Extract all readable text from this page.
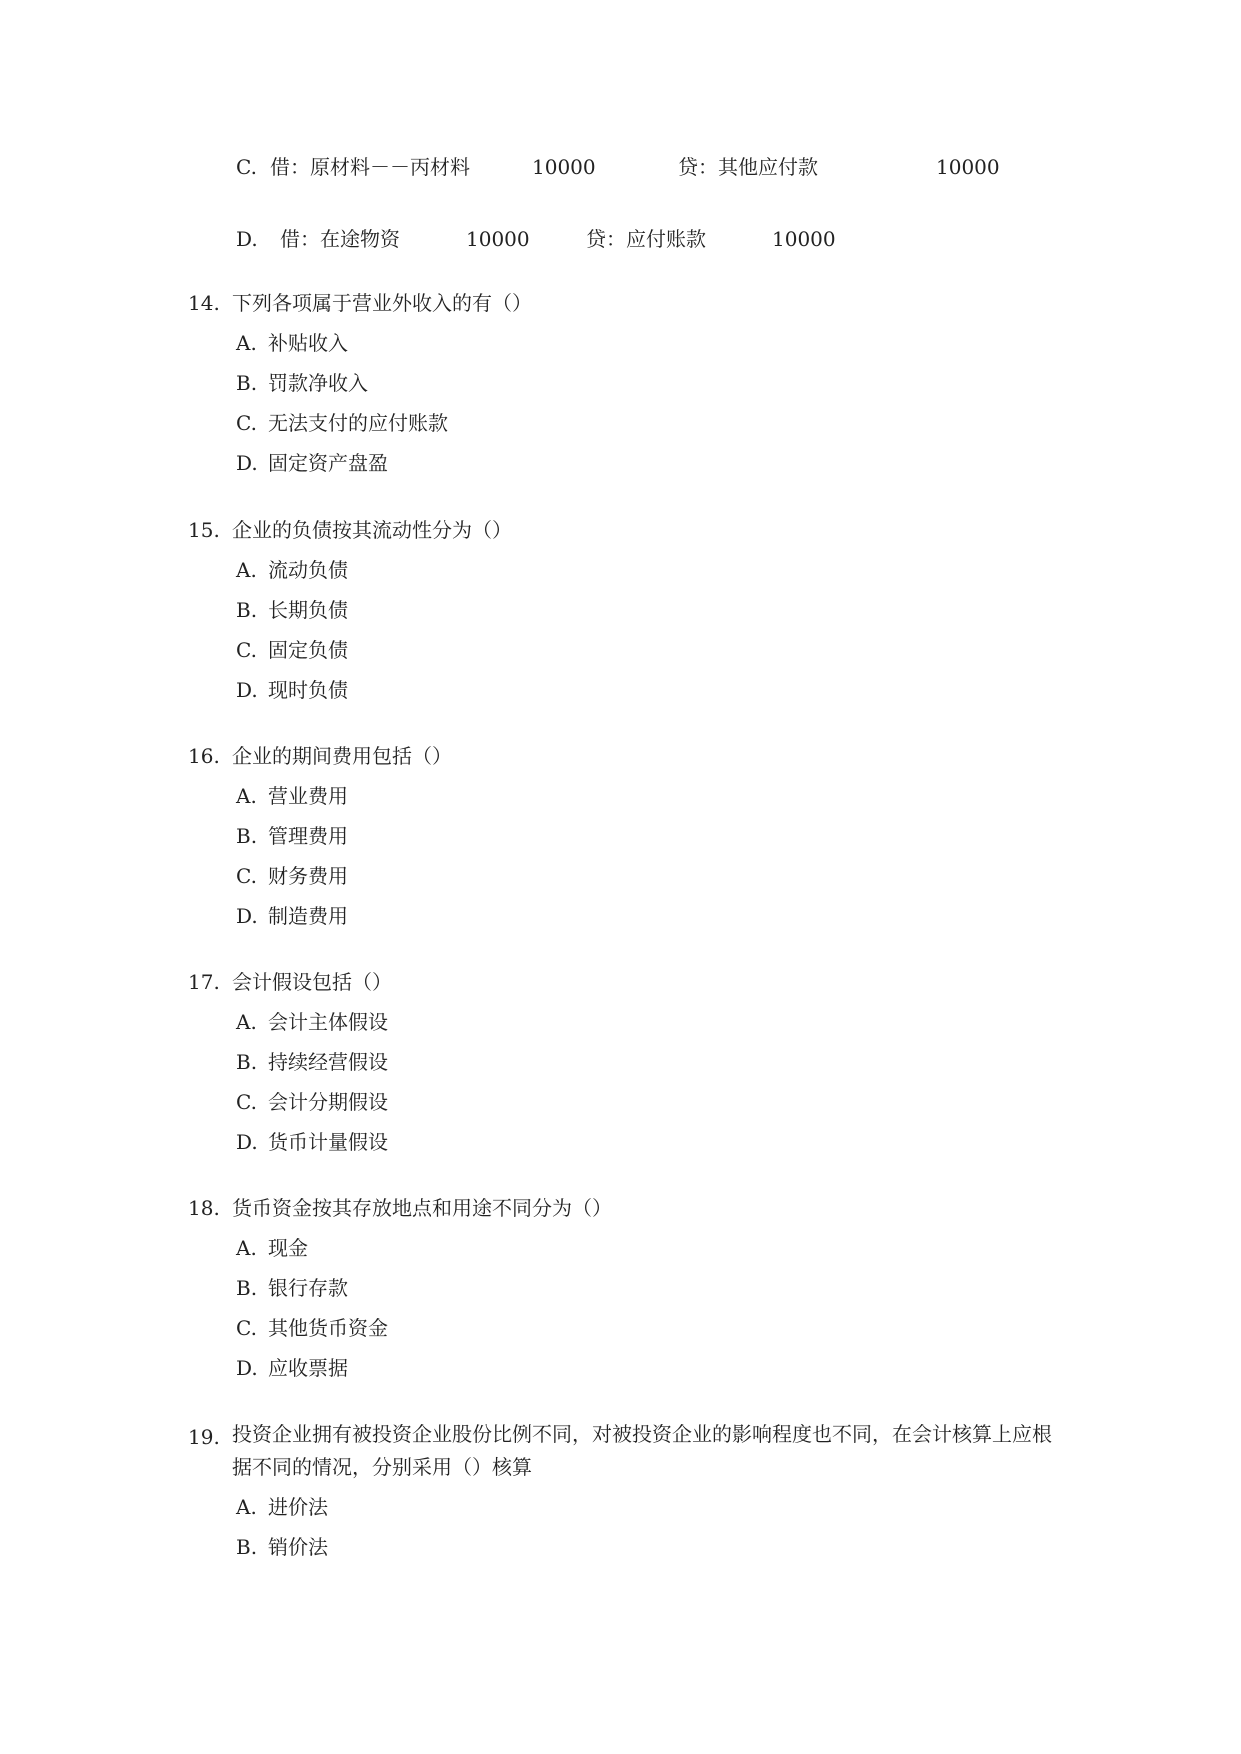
C. 借：原材料－－丙材料	10000	贷：其他应付款	10000
D. 借：在途物资	10000	贷：应付账款	10000
14. 下列各项属于营业外收入的有（）
A. 补贴收入
B. 罚款净收入
C. 无法支付的应付账款
D. 固定资产盘盈
15. 企业的负债按其流动性分为（）
A. 流动负债
B. 长期负债
C. 固定负债
D. 现时负债
16. 企业的期间费用包括（）
A. 营业费用
B. 管理费用
C. 财务费用
D. 制造费用
17. 会计假设包括（）
A. 会计主体假设
B. 持续经营假设
C. 会计分期假设
D. 货币计量假设
18. 货币资金按其存放地点和用途不同分为（）
A. 现金
B. 银行存款
C. 其他货币资金
D. 应收票据
19. 投资企业拥有被投资企业股份比例不同，对被投资企业的影响程度也不同，在会计核算上应根据不同的情况，分别采用（）核算
A. 进价法
B. 销价法
